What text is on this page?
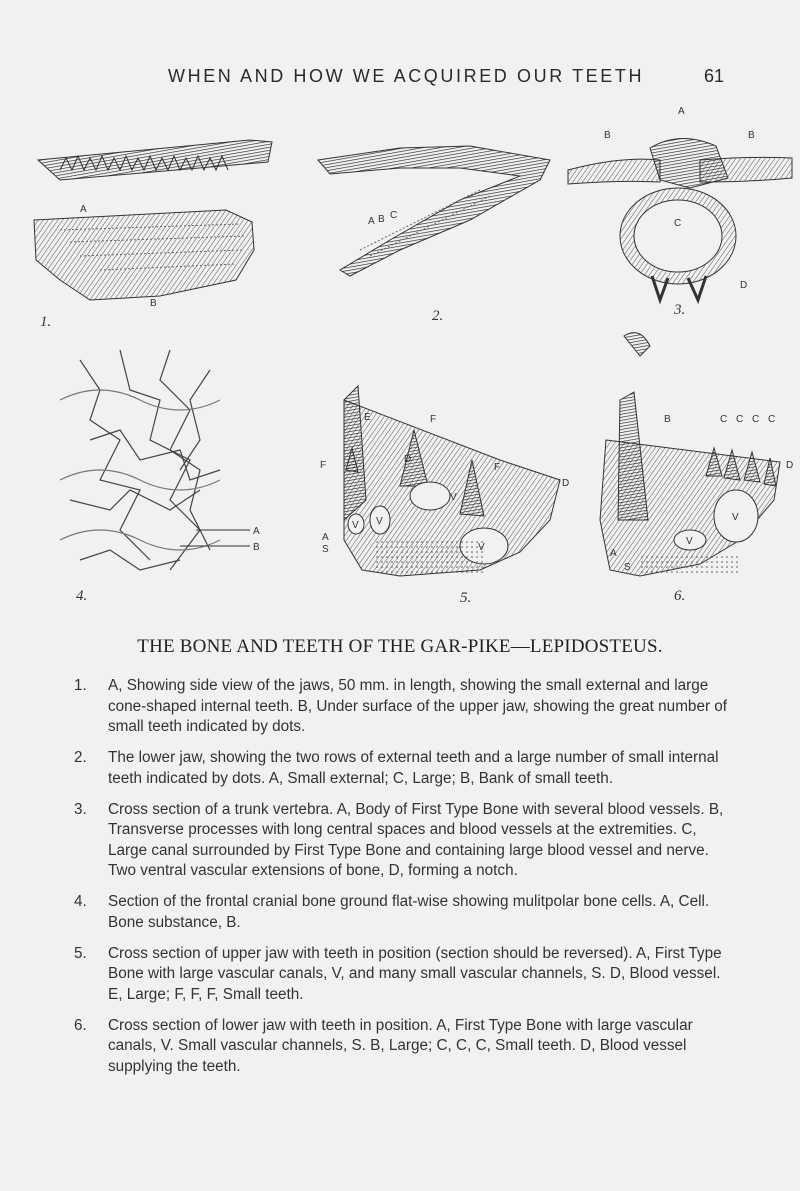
WHEN AND HOW WE ACQUIRED OUR TEETH	61
A
B
1.
A B C
2.
A
B	B
C
D
3.
A
B
4.
E	F
F
F
D
D
A
S
V
V
V
V
5.
B	C C C C
D
A
S
V
V
6.
THE BONE AND TEETH OF THE GAR-PIKE—LEPIDOSTEUS.
1. A, Showing side view of the jaws, 50 mm. in length, showing the small external and large cone-shaped internal teeth. B, Under surface of the upper jaw, showing the great number of small teeth indicated by dots.
2. The lower jaw, showing the two rows of external teeth and a large number of small internal teeth indicated by dots. A, Small external; C, Large; B, Bank of small teeth.
3. Cross section of a trunk vertebra. A, Body of First Type Bone with several blood vessels. B, Transverse processes with long central spaces and blood vessels at the extremities. C, Large canal surrounded by First Type Bone and containing large blood vessel and nerve. Two ventral vascular extensions of bone, D, forming a notch.
4. Section of the frontal cranial bone ground flat-wise showing mulitpolar bone cells. A, Cell. Bone substance, B.
5. Cross section of upper jaw with teeth in position (section should be reversed). A, First Type Bone with large vascular canals, V, and many small vascular channels, S. D, Blood vessel. E, Large; F, F, F, Small teeth.
6. Cross section of lower jaw with teeth in position. A, First Type Bone with large vascular canals, V. Small vascular channels, S. B, Large; C, C, C, Small teeth. D, Blood vessel supplying the teeth.
